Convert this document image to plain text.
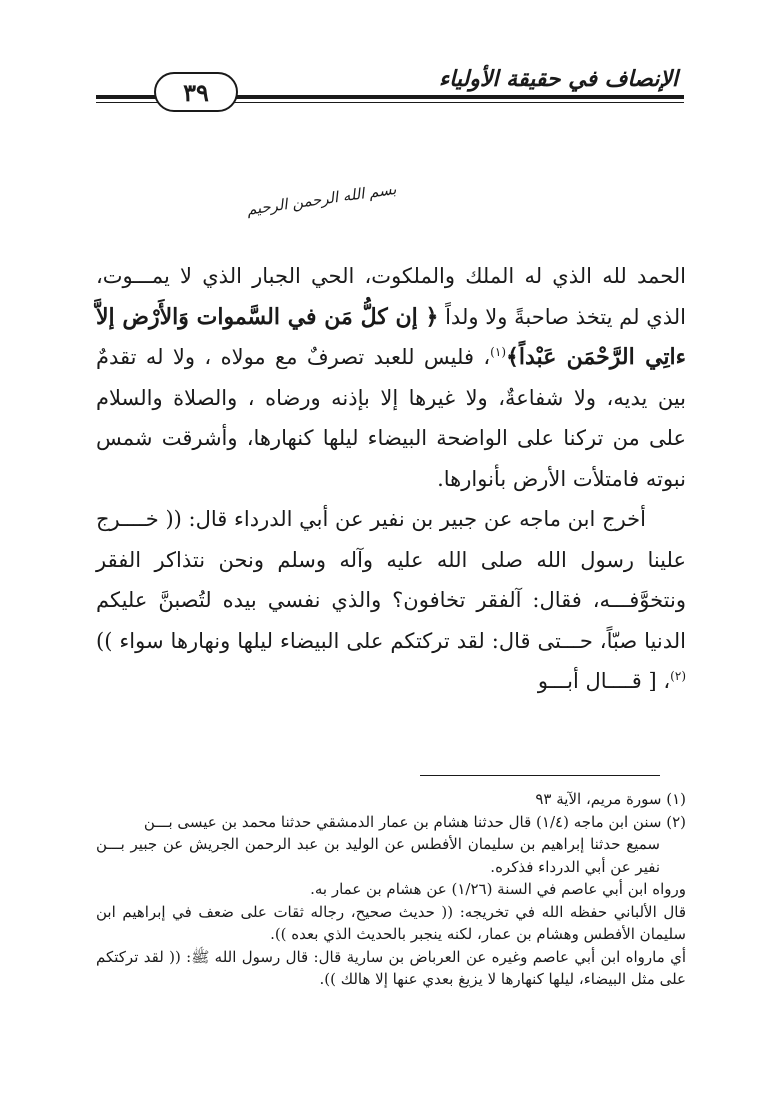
الإنصاف في حقيقة الأولياء
٣٩
بسم الله الرحمن الرحيم

الحمد لله الذي له الملك والملكوت، الحي الجبار الذي لا يمـــوت، الذي لم يتخذ صاحبةً ولا ولداً ﴿ إن كلُّ مَن في السَّموات وَالأَرْض إلاَّ ءاتِي الرَّحْمَن عَبْداً﴾$^{(١)}$، فليس للعبد تصرفٌ مع مولاه ، ولا له تقدمٌ بين يديه، ولا شفاعةٌ، ولا غيرها إلا بإذنه ورضاه ، والصلاة والسلام على من تركنا على الواضحة البيضاء ليلها كنهارها، وأشرقت شمس نبوته فامتلأت الأرض بأنوارها.

أخرج ابن ماجه عن جبير بن نفير عن أبي الدرداء قال: (( خــــرج علينا رسول الله صلى الله عليه وآله وسلم ونحن نتذاكر الفقر ونتخوَّفـــه، فقال: آلفقر تخافون؟ والذي نفسي بيده لتُصبنَّ عليكم الدنيا صبّاً، حـــتى قال: لقد تركتكم على البيضاء ليلها ونهارها سواء ))$^{(٢)}$، [ قــــال أبـــو

(١) سورة مريم، الآية ٩٣

(٢) سنن ابن ماجه (١/٤) قال حدثنا هشام بن عمار الدمشقي حدثنا محمد بن عيسى بـــن

سميع حدثنا إبراهيم بن سليمان الأفطس عن الوليد بن عبد الرحمن الجريش عن جبير بـــن نفير عن أبي الدرداء فذكره.

ورواه ابن أبي عاصم في السنة (١/٢٦) عن هشام بن عمار به.

قال الألباني حفظه الله في تخريجه: (( حديث صحيح، رجاله ثقات على ضعف في إبراهيم ابن سليمان الأفطس وهشام بن عمار، لكنه ينجبر بالحديث الذي بعده )).

أي مارواه ابن أبي عاصم وغيره عن العرباض بن سارية قال: قال رسول الله ﷺ: (( لقد تركتكم على مثل البيضاء، ليلها كنهارها لا يزيغ بعدي عنها إلا هالك )).
